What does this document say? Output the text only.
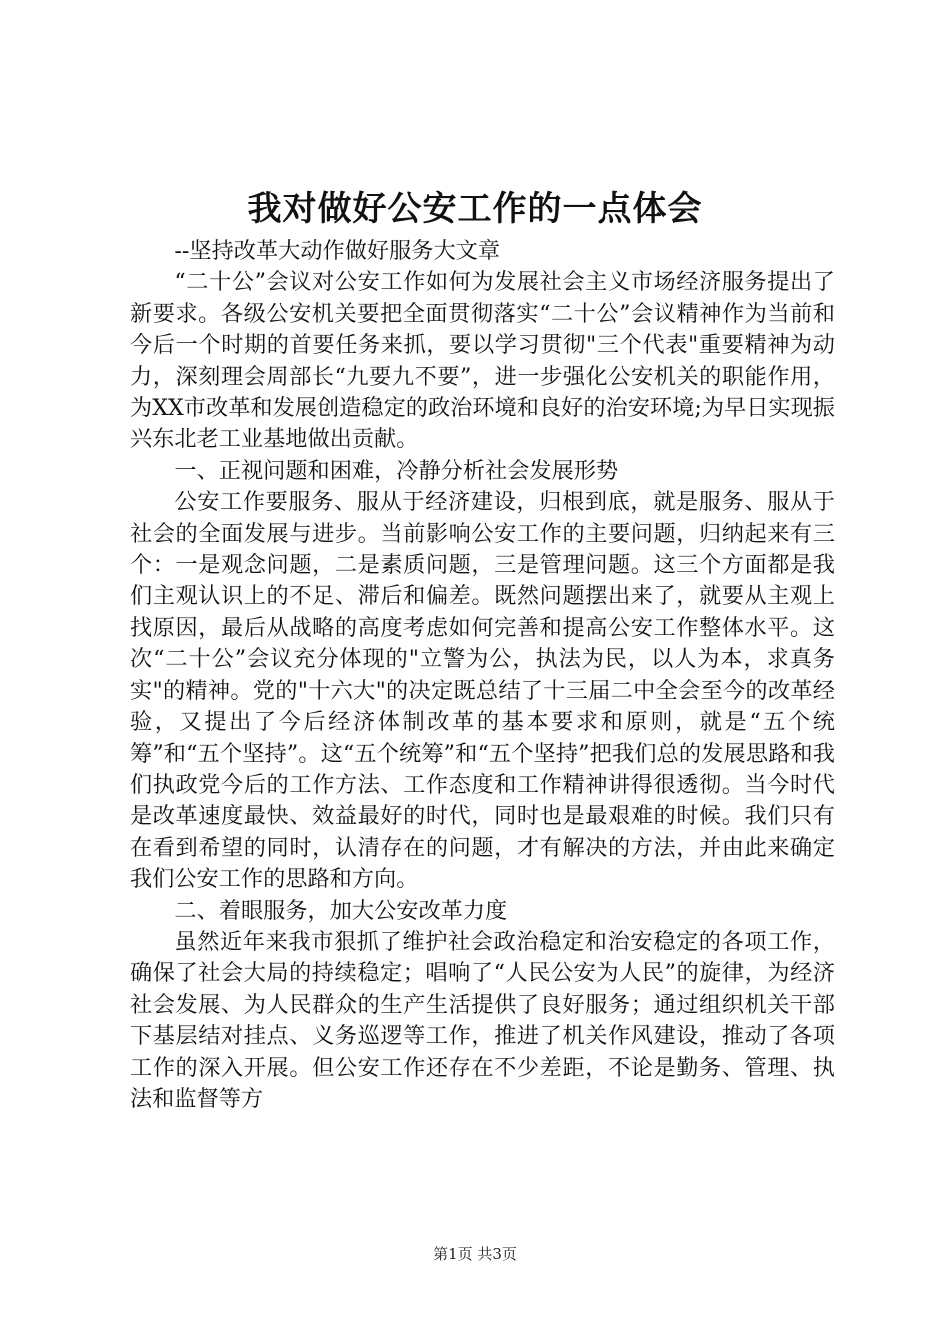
我对做好公安工作的一点体会

--坚持改革大动作做好服务大文章

“二十公”会议对公安工作如何为发展社会主义市场经济服务提出了新要求。各级公安机关要把全面贯彻落实“二十公”会议精神作为当前和今后一个时期的首要任务来抓，要以学习贯彻"三个代表"重要精神为动力，深刻理会周部长“九要九不要”，进一步强化公安机关的职能作用，为XX市改革和发展创造稳定的政治环境和良好的治安环境;为早日实现振兴东北老工业基地做出贡献。

一、正视问题和困难，冷静分析社会发展形势

公安工作要服务、服从于经济建设，归根到底，就是服务、服从于社会的全面发展与进步。当前影响公安工作的主要问题，归纳起来有三个：一是观念问题，二是素质问题，三是管理问题。这三个方面都是我们主观认识上的不足、滞后和偏差。既然问题摆出来了，就要从主观上找原因，最后从战略的高度考虑如何完善和提高公安工作整体水平。这次“二十公”会议充分体现的"立警为公，执法为民，以人为本，求真务实"的精神。党的"十六大"的决定既总结了十三届二中全会至今的改革经验，又提出了今后经济体制改革的基本要求和原则，就是“五个统筹”和“五个坚持”。这“五个统筹”和“五个坚持”把我们总的发展思路和我们执政党今后的工作方法、工作态度和工作精神讲得很透彻。当今时代是改革速度最快、效益最好的时代，同时也是最艰难的时候。我们只有在看到希望的同时，认清存在的问题，才有解决的方法，并由此来确定我们公安工作的思路和方向。

二、着眼服务，加大公安改革力度

虽然近年来我市狠抓了维护社会政治稳定和治安稳定的各项工作，确保了社会大局的持续稳定；唱响了“人民公安为人民”的旋律，为经济社会发展、为人民群众的生产生活提供了良好服务；通过组织机关干部下基层结对挂点、义务巡逻等工作，推进了机关作风建设，推动了各项工作的深入开展。但公安工作还存在不少差距，不论是勤务、管理、执法和监督等方

第1页 共3页
